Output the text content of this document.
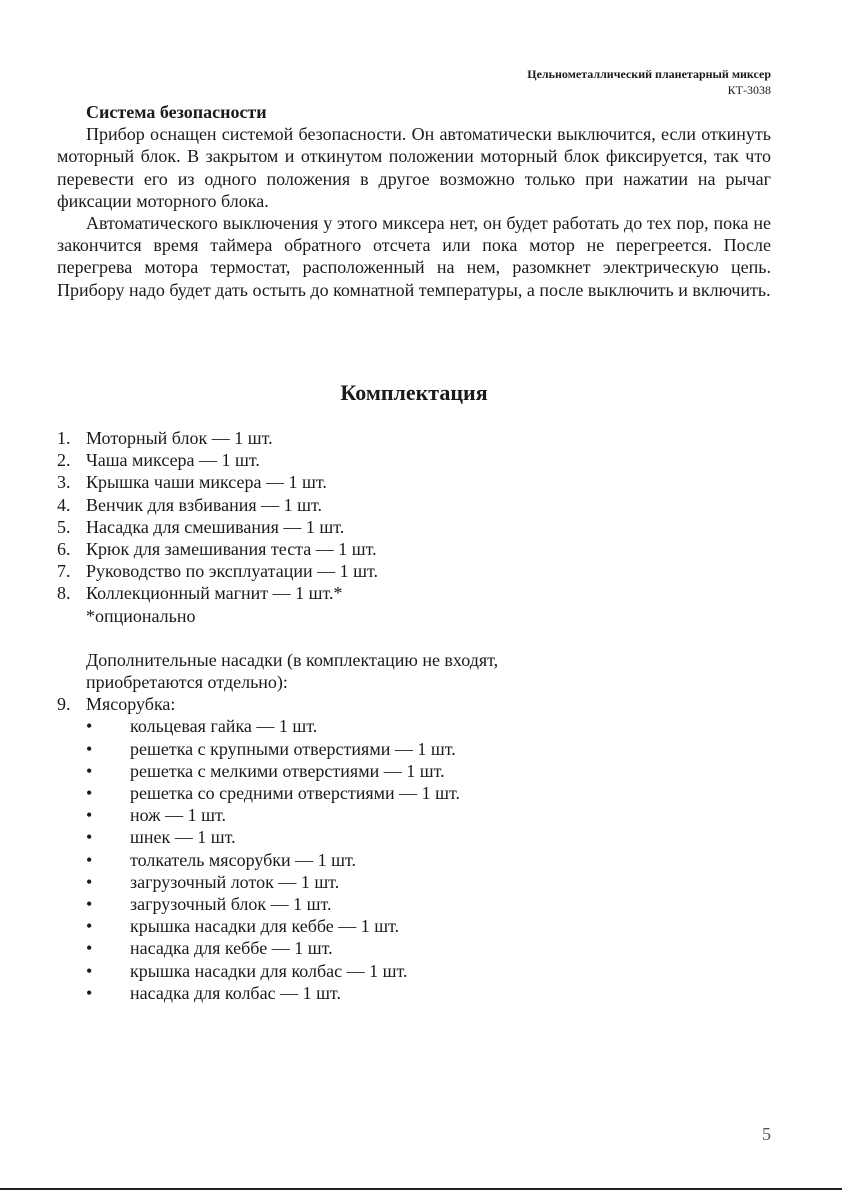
Цельнометаллический планетарный миксер
КТ-3038
Система безопасности

Прибор оснащен системой безопасности. Он автоматически выключится, если откинуть моторный блок. В закрытом и откинутом положении моторный блок фиксируется, так что перевести его из одного положения в другое возможно только при нажатии на рычаг фиксации моторного блока.

Автоматического выключения у этого миксера нет, он будет работать до тех пор, пока не закончится время таймера обратного отсчета или пока мотор не перегреется. После перегрева мотора термостат, расположенный на нем, разомкнет электрическую цепь. Прибору надо будет дать остыть до комнатной температуры, а после выключить и включить.

Комплектация
1. Моторный блок — 1 шт.
2. Чаша миксера — 1 шт.
3. Крышка чаши миксера — 1 шт.
4. Венчик для взбивания — 1 шт.
5. Насадка для смешивания — 1 шт.
6. Крюк для замешивания теста — 1 шт.
7. Руководство по эксплуатации — 1 шт.
8. Коллекционный магнит — 1 шт.*
*опционально
Дополнительные насадки (в комплектацию не входят,
приобретаются отдельно):
9. Мясорубка:
• кольцевая гайка — 1 шт.
• решетка с крупными отверстиями — 1 шт.
• решетка с мелкими отверстиями — 1 шт.
• решетка со средними отверстиями — 1 шт.
• нож — 1 шт.
• шнек — 1 шт.
• толкатель мясорубки — 1 шт.
• загрузочный лоток — 1 шт.
• загрузочный блок — 1 шт.
• крышка насадки для кеббе — 1 шт.
• насадка для кеббе — 1 шт.
• крышка насадки для колбас — 1 шт.
• насадка для колбас — 1 шт.
5
